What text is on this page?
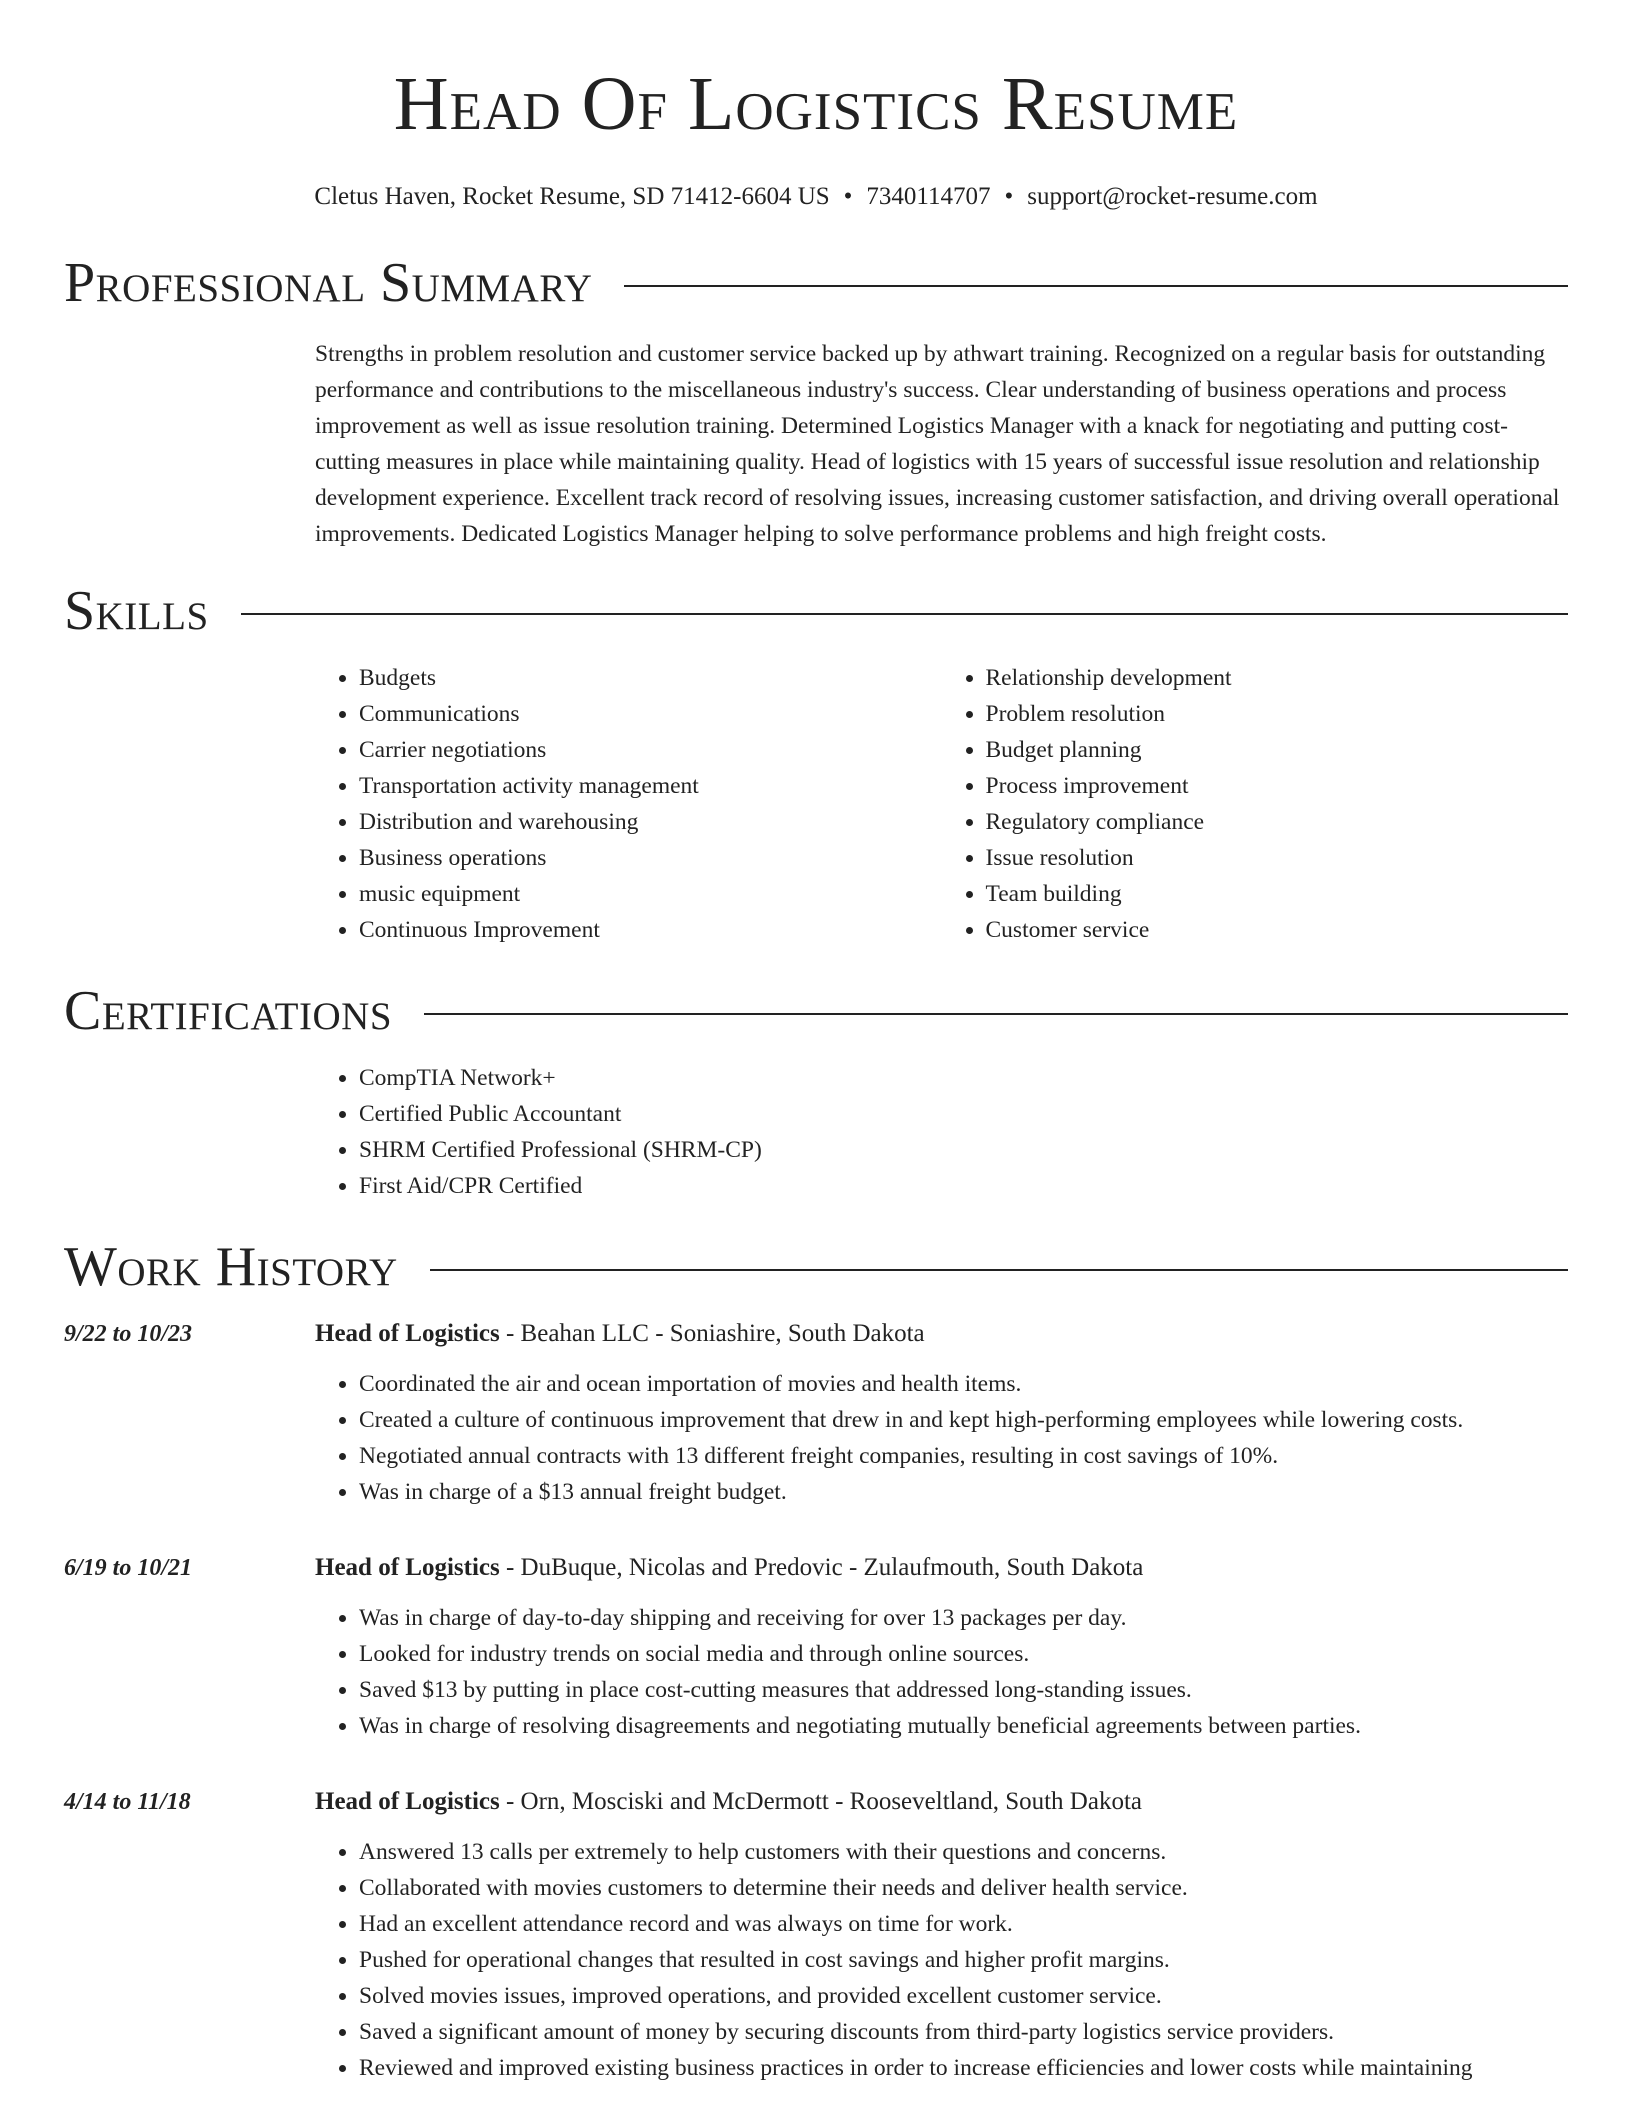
Head Of Logistics Resume
Cletus Haven, Rocket Resume, SD 71412-6604 US • 7340114707 • support@rocket-resume.com
Professional Summary
Strengths in problem resolution and customer service backed up by athwart training. Recognized on a regular basis for outstanding performance and contributions to the miscellaneous industry's success. Clear understanding of business operations and process improvement as well as issue resolution training. Determined Logistics Manager with a knack for negotiating and putting cost-cutting measures in place while maintaining quality. Head of logistics with 15 years of successful issue resolution and relationship development experience. Excellent track record of resolving issues, increasing customer satisfaction, and driving overall operational improvements. Dedicated Logistics Manager helping to solve performance problems and high freight costs.
Skills
• Budgets
• Communications
• Carrier negotiations
• Transportation activity management
• Distribution and warehousing
• Business operations
• music equipment
• Continuous Improvement
• Relationship development
• Problem resolution
• Budget planning
• Process improvement
• Regulatory compliance
• Issue resolution
• Team building
• Customer service
Certifications
• CompTIA Network+
• Certified Public Accountant
• SHRM Certified Professional (SHRM-CP)
• First Aid/CPR Certified
Work History
9/22 to 10/23	Head of Logistics - Beahan LLC - Soniashire, South Dakota
• Coordinated the air and ocean importation of movies and health items.
• Created a culture of continuous improvement that drew in and kept high-performing employees while lowering costs.
• Negotiated annual contracts with 13 different freight companies, resulting in cost savings of 10%.
• Was in charge of a $13 annual freight budget.
6/19 to 10/21	Head of Logistics - DuBuque, Nicolas and Predovic - Zulaufmouth, South Dakota
• Was in charge of day-to-day shipping and receiving for over 13 packages per day.
• Looked for industry trends on social media and through online sources.
• Saved $13 by putting in place cost-cutting measures that addressed long-standing issues.
• Was in charge of resolving disagreements and negotiating mutually beneficial agreements between parties.
4/14 to 11/18	Head of Logistics - Orn, Mosciski and McDermott - Rooseveltland, South Dakota
• Answered 13 calls per extremely to help customers with their questions and concerns.
• Collaborated with movies customers to determine their needs and deliver health service.
• Had an excellent attendance record and was always on time for work.
• Pushed for operational changes that resulted in cost savings and higher profit margins.
• Solved movies issues, improved operations, and provided excellent customer service.
• Saved a significant amount of money by securing discounts from third-party logistics service providers.
• Reviewed and improved existing business practices in order to increase efficiencies and lower costs while maintaining
